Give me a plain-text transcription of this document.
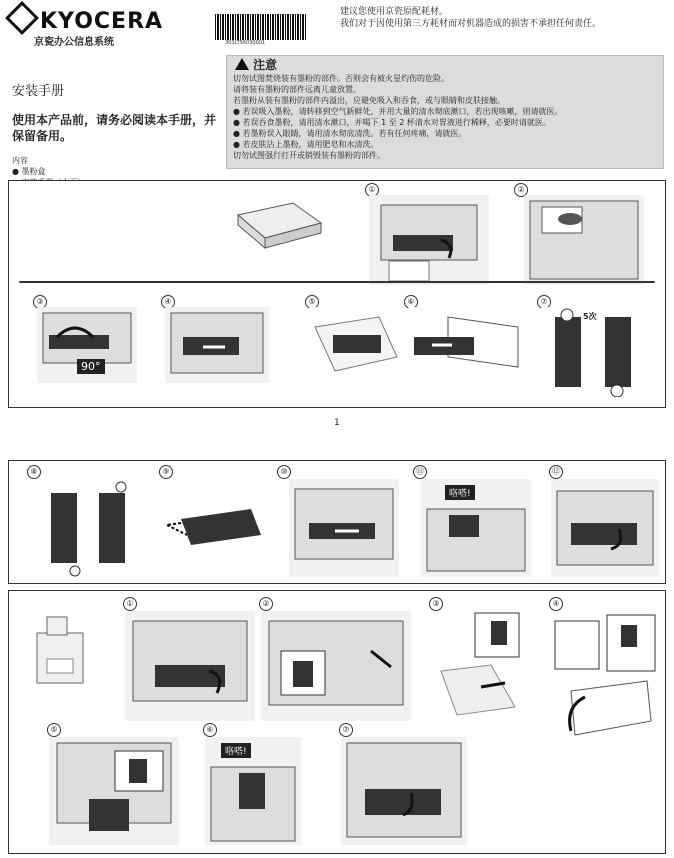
KYOCERA
京瓷办公信息系统	303LT56030001
建议您使用京瓷原配耗材。
我们对于因使用第三方耗材而对机器造成的损害不承担任何责任。
安装手册
使用本产品前，请务必阅读本手册，并保留备用。
内容
● 墨粉盒
注意
切勿试图焚烧装有墨粉的部件。否则会有被火星灼伤的危险。
请将装有墨粉的部件远离儿童放置。
若墨粉从装有墨粉的部件内溢出，应避免吸入和吞食，或与眼睛和皮肤接触。
● 若误吸入墨粉，请转移到空气新鲜处，并用大量的清水彻底漱口，若出现咳嗽，则请就医。
● 若误吞食墨粉，请用清水漱口，并喝下 1 至 2 杯清水对胃液进行稀释，必要时请就医。
● 若墨粉误入眼睛，请用清水彻底清洗。若有任何疼痛，请就医。
● 若皮肤沾上墨粉，请用肥皂和水清洗。
切勿试图强行打开或销毁装有墨粉的部件。
①	②
③
90°
④	⑤	⑥	⑦
5次
1
⑧	⑨	⑩	⑪
咯嗒!
⑫
①	②	③	④
⑤	⑥
咯嗒!
⑦
